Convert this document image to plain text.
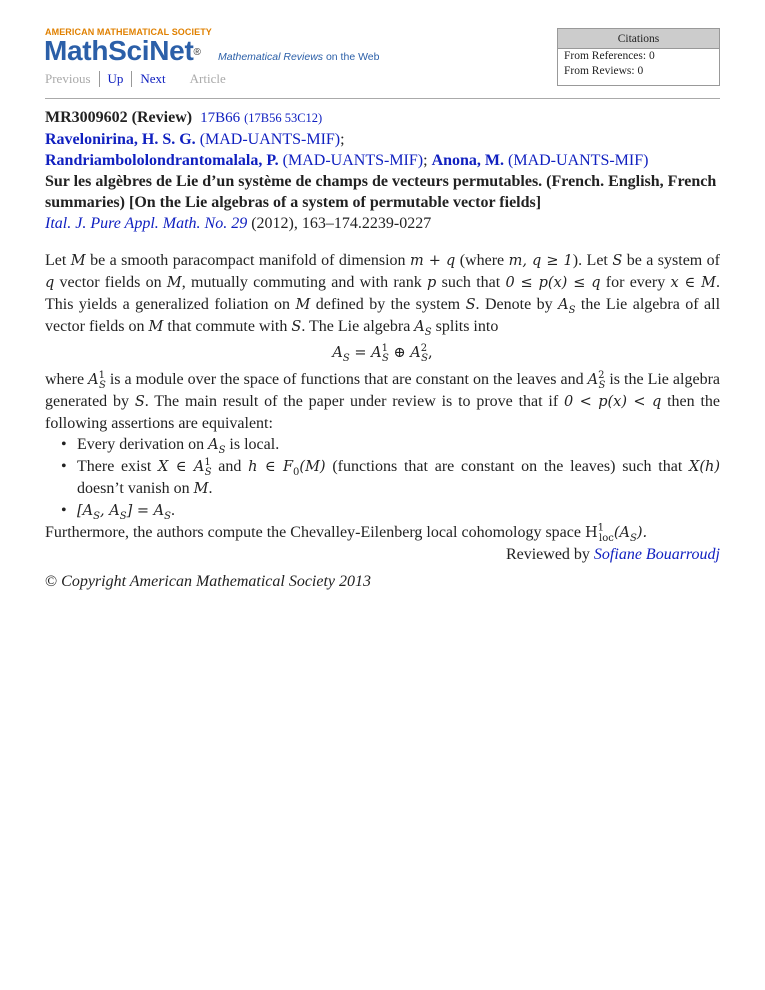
AMERICAN MATHEMATICAL SOCIETY
MathSciNet® Mathematical Reviews on the Web
Previous Up Next Article
Citations
From References: 0
From Reviews: 0
MR3009602 (Review) 17B66 (17B56 53C12)
Ravelonirina, H. S. G. (MAD-UANTS-MIF);
Randriambololondrantomalala, P. (MAD-UANTS-MIF); Anona, M. (MAD-UANTS-MIF)
Sur les algèbres de Lie d’un système de champs de vecteurs permutables. (French. English, French summaries) [On the Lie algebras of a system of permutable vector fields]
Ital. J. Pure Appl. Math. No. 29 (2012), 163–174.2239-0227

Let M be a smooth paracompact manifold of dimension m + q (where m, q ≥ 1). Let S be a system of q vector fields on M, mutually commuting and with rank p such that 0 ≤ p(x) ≤ q for every x ∈ M. This yields a generalized foliation on M defined by the system S. Denote by $A_S$ the Lie algebra of all vector fields on M that commute with S. The Lie algebra $A_S$ splits into

$A_S = A^1_S$ ⊕ $A^2_S$,

where $A^1_S$ is a module over the space of functions that are constant on the leaves and $A^2_S$ is the Lie algebra generated by S. The main result of the paper under review is to prove that if 0 < p(x) < q then the following assertions are equivalent:

• Every derivation on $A_S$ is local.
• There exist X ∈ $A^1_S$ and h ∈ $F_0(M)$ (functions that are constant on the leaves) such that X(h) doesn’t vanish on M.
• [$A_S$, $A_S] = A_S$.

Furthermore, the authors compute the Chevalley-Eilenberg local cohomology space $H^1_{loc}(A_S)$.

Reviewed by Sofiane Bouarroudj
© Copyright American Mathematical Society 2013
